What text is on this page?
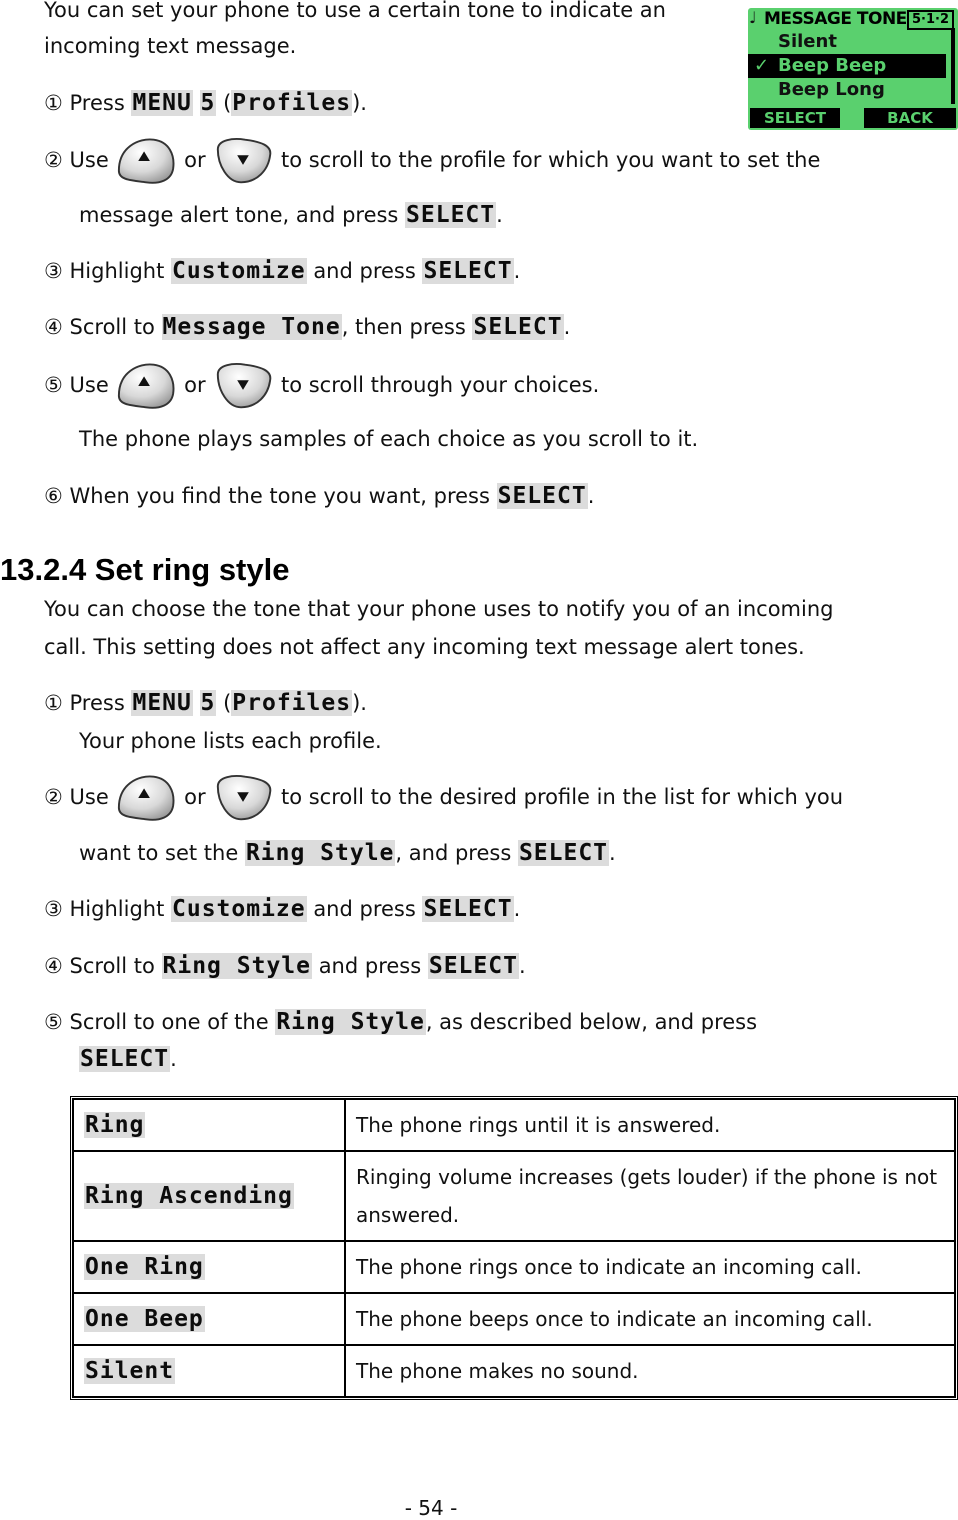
You can set your phone to use a certain tone to indicate an
incoming text message.
♩ MESSAGE TONE 5·1·2
Silent
✓ Beep Beep
Beep Long
SELECT	BACK
① Press MENU 5 (Profiles).
② Use	or	to scroll to the profile for which you want to set the
message alert tone, and press SELECT.
③ Highlight Customize and press SELECT.
④ Scroll to Message Tone, then press SELECT.
⑤ Use	or	to scroll through your choices.
The phone plays samples of each choice as you scroll to it.
⑥ When you find the tone you want, press SELECT.
13.2.4 Set ring style
You can choose the tone that your phone uses to notify you of an incoming
call. This setting does not affect any incoming text message alert tones.
① Press MENU 5 (Profiles).
Your phone lists each profile.
② Use	or	to scroll to the desired profile in the list for which you
want to set the Ring Style, and press SELECT.
③ Highlight Customize and press SELECT.
④ Scroll to Ring Style and press SELECT.
⑤ Scroll to one of the Ring Style, as described below, and press
SELECT.
Ring	The phone rings until it is answered.
Ring Ascending	Ringing volume increases (gets louder) if the phone is not answered.
One Ring	The phone rings once to indicate an incoming call.
One Beep	The phone beeps once to indicate an incoming call.
Silent	The phone makes no sound.
- 54 -
